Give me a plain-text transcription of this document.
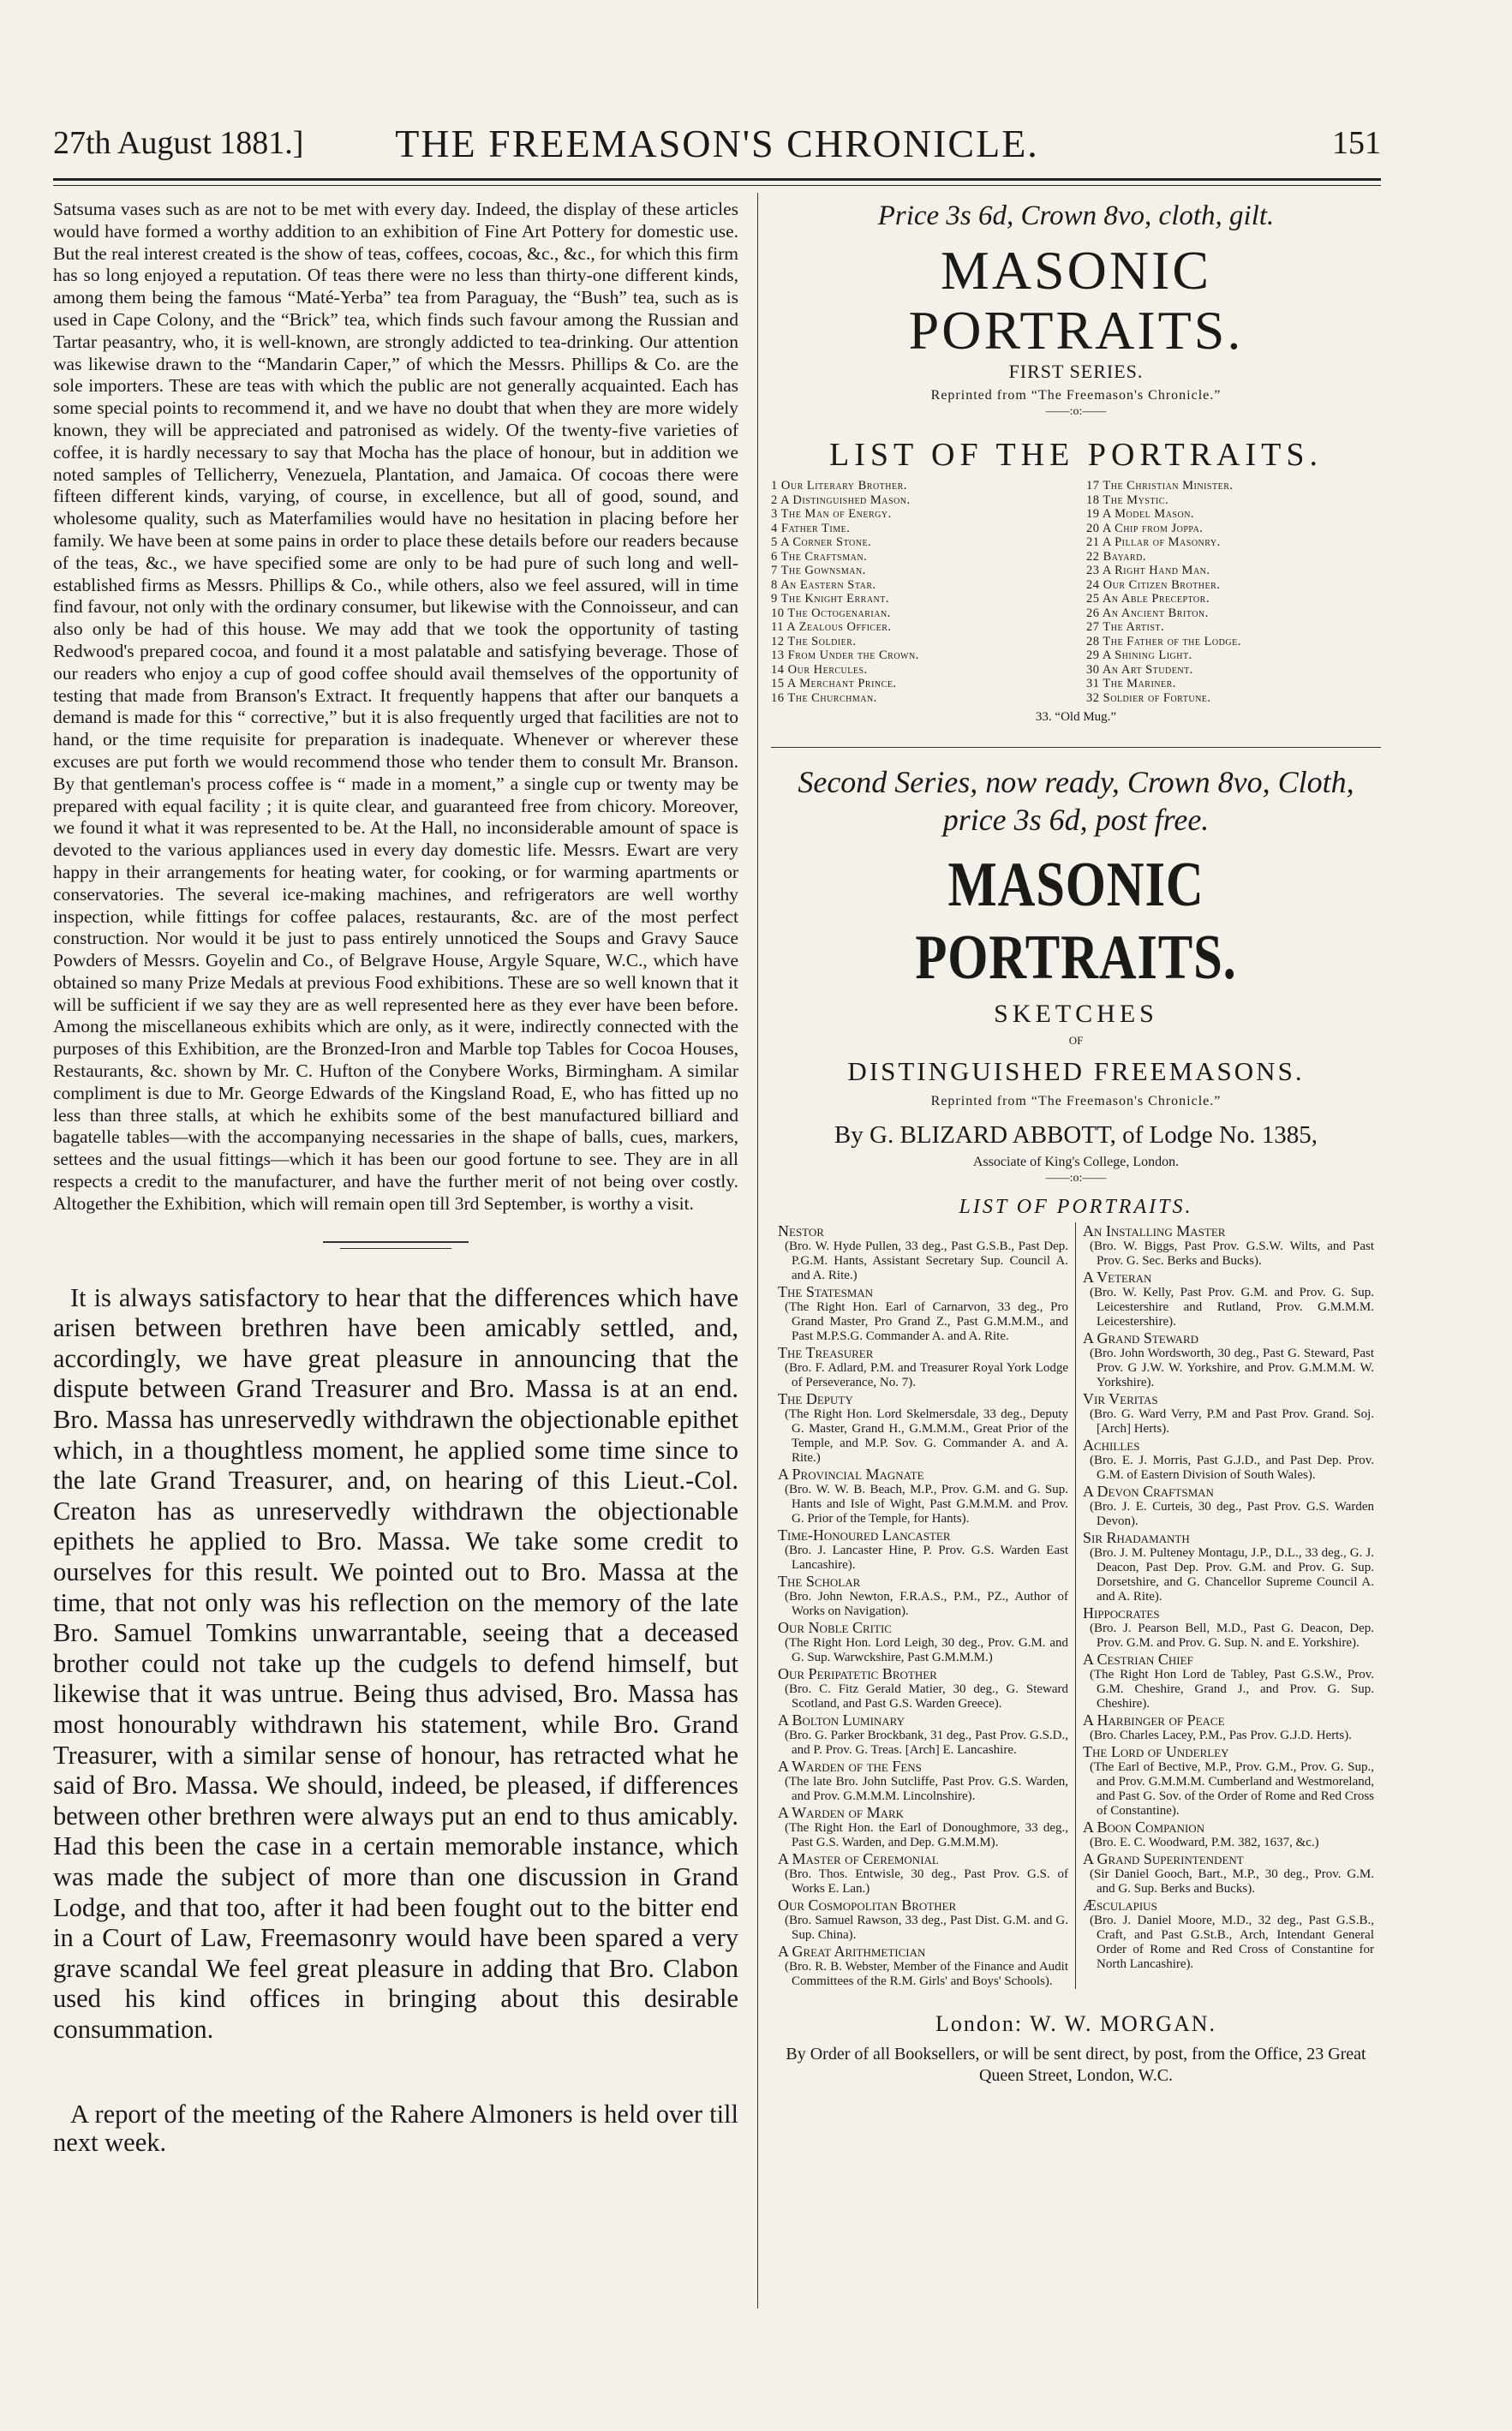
27th August 1881.]	THE FREEMASON'S CHRONICLE.	151

Satsuma vases such as are not to be met with every day. Indeed, the display of these articles would have formed a worthy addition to an exhibition of Fine Art Pottery for domestic use. But the real interest created is the show of teas, coffees, cocoas, &c., &c., for which this firm has so long enjoyed a reputation. Of teas there were no less than thirty-one different kinds, among them being the famous “Maté-Yerba” tea from Paraguay, the “Bush” tea, such as is used in Cape Colony, and the “Brick” tea, which finds such favour among the Russian and Tartar peasantry, who, it is well-known, are strongly addicted to tea-drinking. Our attention was likewise drawn to the “Mandarin Caper,” of which the Messrs. Phillips & Co. are the sole importers. These are teas with which the public are not generally acquainted. Each has some special points to recommend it, and we have no doubt that when they are more widely known, they will be appreciated and patronised as widely. Of the twenty-five varieties of coffee, it is hardly necessary to say that Mocha has the place of honour, but in addition we noted samples of Tellicherry, Venezuela, Plantation, and Jamaica. Of cocoas there were fifteen different kinds, varying, of course, in excellence, but all of good, sound, and wholesome quality, such as Materfamilies would have no hesitation in placing before her family. We have been at some pains in order to place these details before our readers because of the teas, &c., we have specified some are only to be had pure of such long and well-established firms as Messrs. Phillips & Co., while others, also we feel assured, will in time find favour, not only with the ordinary consumer, but likewise with the Connoisseur, and can also only be had of this house. We may add that we took the opportunity of tasting Redwood's prepared cocoa, and found it a most palatable and satisfying beverage. Those of our readers who enjoy a cup of good coffee should avail themselves of the opportunity of testing that made from Branson's Extract. It frequently happens that after our banquets a demand is made for this “ corrective,” but it is also frequently urged that facilities are not to hand, or the time requisite for preparation is inadequate. Whenever or wherever these excuses are put forth we would recommend those who tender them to consult Mr. Branson. By that gentleman's process coffee is “ made in a moment,” a single cup or twenty may be prepared with equal facility ; it is quite clear, and guaranteed free from chicory. Moreover, we found it what it was represented to be. At the Hall, no inconsiderable amount of space is devoted to the various appliances used in every day domestic life. Messrs. Ewart are very happy in their arrangements for heating water, for cooking, or for warming apartments or conservatories. The several ice-making machines, and refrigerators are well worthy inspection, while fittings for coffee palaces, restaurants, &c. are of the most perfect construction. Nor would it be just to pass entirely unnoticed the Soups and Gravy Sauce Powders of Messrs. Goyelin and Co., of Belgrave House, Argyle Square, W.C., which have obtained so many Prize Medals at previous Food exhibitions. These are so well known that it will be sufficient if we say they are as well represented here as they ever have been before. Among the miscellaneous exhibits which are only, as it were, indirectly connected with the purposes of this Exhibition, are the Bronzed-Iron and Marble top Tables for Cocoa Houses, Restaurants, &c. shown by Mr. C. Hufton of the Conybere Works, Birmingham. A similar compliment is due to Mr. George Edwards of the Kingsland Road, E, who has fitted up no less than three stalls, at which he exhibits some of the best manufactured billiard and bagatelle tables—with the accompanying necessaries in the shape of balls, cues, markers, settees and the usual fittings—which it has been our good fortune to see. They are in all respects a credit to the manufacturer, and have the further merit of not being over costly. Altogether the Exhibition, which will remain open till 3rd September, is worthy a visit.

It is always satisfactory to hear that the differences which have arisen between brethren have been amicably settled, and, accordingly, we have great pleasure in announcing that the dispute between Grand Treasurer and Bro. Massa is at an end. Bro. Massa has unreservedly withdrawn the objectionable epithet which, in a thoughtless moment, he applied some time since to the late Grand Treasurer, and, on hearing of this Lieut.-Col. Creaton has as unreservedly withdrawn the objectionable epithets he applied to Bro. Massa. We take some credit to ourselves for this result. We pointed out to Bro. Massa at the time, that not only was his reflection on the memory of the late Bro. Samuel Tomkins unwarrantable, seeing that a deceased brother could not take up the cudgels to defend himself, but likewise that it was untrue. Being thus advised, Bro. Massa has most honourably withdrawn his statement, while Bro. Grand Treasurer, with a similar sense of honour, has retracted what he said of Bro. Massa. We should, indeed, be pleased, if differences between other brethren were always put an end to thus amicably. Had this been the case in a certain memorable instance, which was made the subject of more than one discussion in Grand Lodge, and that too, after it had been fought out to the bitter end in a Court of Law, Freemasonry would have been spared a very grave scandal We feel great pleasure in adding that Bro. Clabon used his kind offices in bringing about this desirable consummation.

A report of the meeting of the Rahere Almoners is held over till next week.

Price 3s 6d, Crown 8vo, cloth, gilt.
MASONIC PORTRAITS.
FIRST SERIES.
Reprinted from “The Freemason's Chronicle.”
——:o:——
LIST OF THE PORTRAITS.
1 Our Literary Brother.
2 A Distinguished Mason.
3 The Man of Energy.
4 Father Time.
5 A Corner Stone.
6 The Craftsman.
7 The Gownsman.
8 An Eastern Star.
9 The Knight Errant.
10 The Octogenarian.
11 A Zealous Officer.
12 The Soldier.
13 From Under the Crown.
14 Our Hercules.
15 A Merchant Prince.
16 The Churchman.
17 The Christian Minister.
18 The Mystic.
19 A Model Mason.
20 A Chip from Joppa.
21 A Pillar of Masonry.
22 Bayard.
23 A Right Hand Man.
24 Our Citizen Brother.
25 An Able Preceptor.
26 An Ancient Briton.
27 The Artist.
28 The Father of the Lodge.
29 A Shining Light.
30 An Art Student.
31 The Mariner.
32 Soldier of Fortune.
33. “Old Mug.”
Second Series, now ready, Crown 8vo, Cloth, price 3s 6d, post free.
MASONIC PORTRAITS.
SKETCHES
OF
DISTINGUISHED FREEMASONS.
Reprinted from “The Freemason's Chronicle.”
By G. BLIZARD ABBOTT, of Lodge No. 1385,
Associate of King's College, London.
——:o:——
LIST OF PORTRAITS.
Nestor
(Bro. W. Hyde Pullen, 33 deg., Past G.S.B., Past Dep. P.G.M. Hants, Assistant Secretary Sup. Council A. and A. Rite.)
The Statesman
(The Right Hon. Earl of Carnarvon, 33 deg., Pro Grand Master, Pro Grand Z., Past G.M.M.M., and Past M.P.S.G. Commander A. and A. Rite.
The Treasurer
(Bro. F. Adlard, P.M. and Treasurer Royal York Lodge of Perseverance, No. 7).
The Deputy
(The Right Hon. Lord Skelmersdale, 33 deg., Deputy G. Master, Grand H., G.M.M.M., Great Prior of the Temple, and M.P. Sov. G. Commander A. and A. Rite.)
A Provincial Magnate
(Bro. W. W. B. Beach, M.P., Prov. G.M. and G. Sup. Hants and Isle of Wight, Past G.M.M.M. and Prov. G. Prior of the Temple, for Hants).
Time-Honoured Lancaster
(Bro. J. Lancaster Hine, P. Prov. G.S. Warden East Lancashire).
The Scholar
(Bro. John Newton, F.R.A.S., P.M., PZ., Author of Works on Navigation).
Our Noble Critic
(The Right Hon. Lord Leigh, 30 deg., Prov. G.M. and G. Sup. Warwckshire, Past G.M.M.M.)
Our Peripatetic Brother
(Bro. C. Fitz Gerald Matier, 30 deg., G. Steward Scotland, and Past G.S. Warden Greece).
A Bolton Luminary
(Bro. G. Parker Brockbank, 31 deg., Past Prov. G.S.D., and P. Prov. G. Treas. [Arch] E. Lancashire.
A Warden of the Fens
(The late Bro. John Sutcliffe, Past Prov. G.S. Warden, and Prov. G.M.M.M. Lincolnshire).
A Warden of Mark
(The Right Hon. the Earl of Donoughmore, 33 deg., Past G.S. Warden, and Dep. G.M.M.M).
A Master of Ceremonial
(Bro. Thos. Entwisle, 30 deg., Past Prov. G.S. of Works E. Lan.)
Our Cosmopolitan Brother
(Bro. Samuel Rawson, 33 deg., Past Dist. G.M. and G. Sup. China).
A Great Arithmetician
(Bro. R. B. Webster, Member of the Finance and Audit Committees of the R.M. Girls' and Boys' Schools).
An Installing Master
(Bro. W. Biggs, Past Prov. G.S.W. Wilts, and Past Prov. G. Sec. Berks and Bucks).
A Veteran
(Bro. W. Kelly, Past Prov. G.M. and Prov. G. Sup. Leicestershire and Rutland, Prov. G.M.M.M. Leicestershire).
A Grand Steward
(Bro. John Wordsworth, 30 deg., Past G. Steward, Past Prov. G J.W. W. Yorkshire, and Prov. G.M.M.M. W. Yorkshire).
Vir Veritas
(Bro. G. Ward Verry, P.M and Past Prov. Grand. Soj. [Arch] Herts).
Achilles
(Bro. E. J. Morris, Past G.J.D., and Past Dep. Prov. G.M. of Eastern Division of South Wales).
A Devon Craftsman
(Bro. J. E. Curteis, 30 deg., Past Prov. G.S. Warden Devon).
Sir Rhadamanth
(Bro. J. M. Pulteney Montagu, J.P., D.L., 33 deg., G. J. Deacon, Past Dep. Prov. G.M. and Prov. G. Sup. Dorsetshire, and G. Chancellor Supreme Council A. and A. Rite).
Hippocrates
(Bro. J. Pearson Bell, M.D., Past G. Deacon, Dep. Prov. G.M. and Prov. G. Sup. N. and E. Yorkshire).
A Cestrian Chief
(The Right Hon Lord de Tabley, Past G.S.W., Prov. G.M. Cheshire, Grand J., and Prov. G. Sup. Cheshire).
A Harbinger of Peace
(Bro. Charles Lacey, P.M., Pas Prov. G.J.D. Herts).
The Lord of Underley
(The Earl of Bective, M.P., Prov. G.M., Prov. G. Sup., and Prov. G.M.M.M. Cumberland and Westmoreland, and Past G. Sov. of the Order of Rome and Red Cross of Constantine).
A Boon Companion
(Bro. E. C. Woodward, P.M. 382, 1637, &c.)
A Grand Superintendent
(Sir Daniel Gooch, Bart., M.P., 30 deg., Prov. G.M. and G. Sup. Berks and Bucks).
Æsculapius
(Bro. J. Daniel Moore, M.D., 32 deg., Past G.S.B., Craft, and Past G.St.B., Arch, Intendant General Order of Rome and Red Cross of Constantine for North Lancashire).
London: W. W. MORGAN.
By Order of all Booksellers, or will be sent direct, by post, from the Office, 23 Great Queen Street, London, W.C.
